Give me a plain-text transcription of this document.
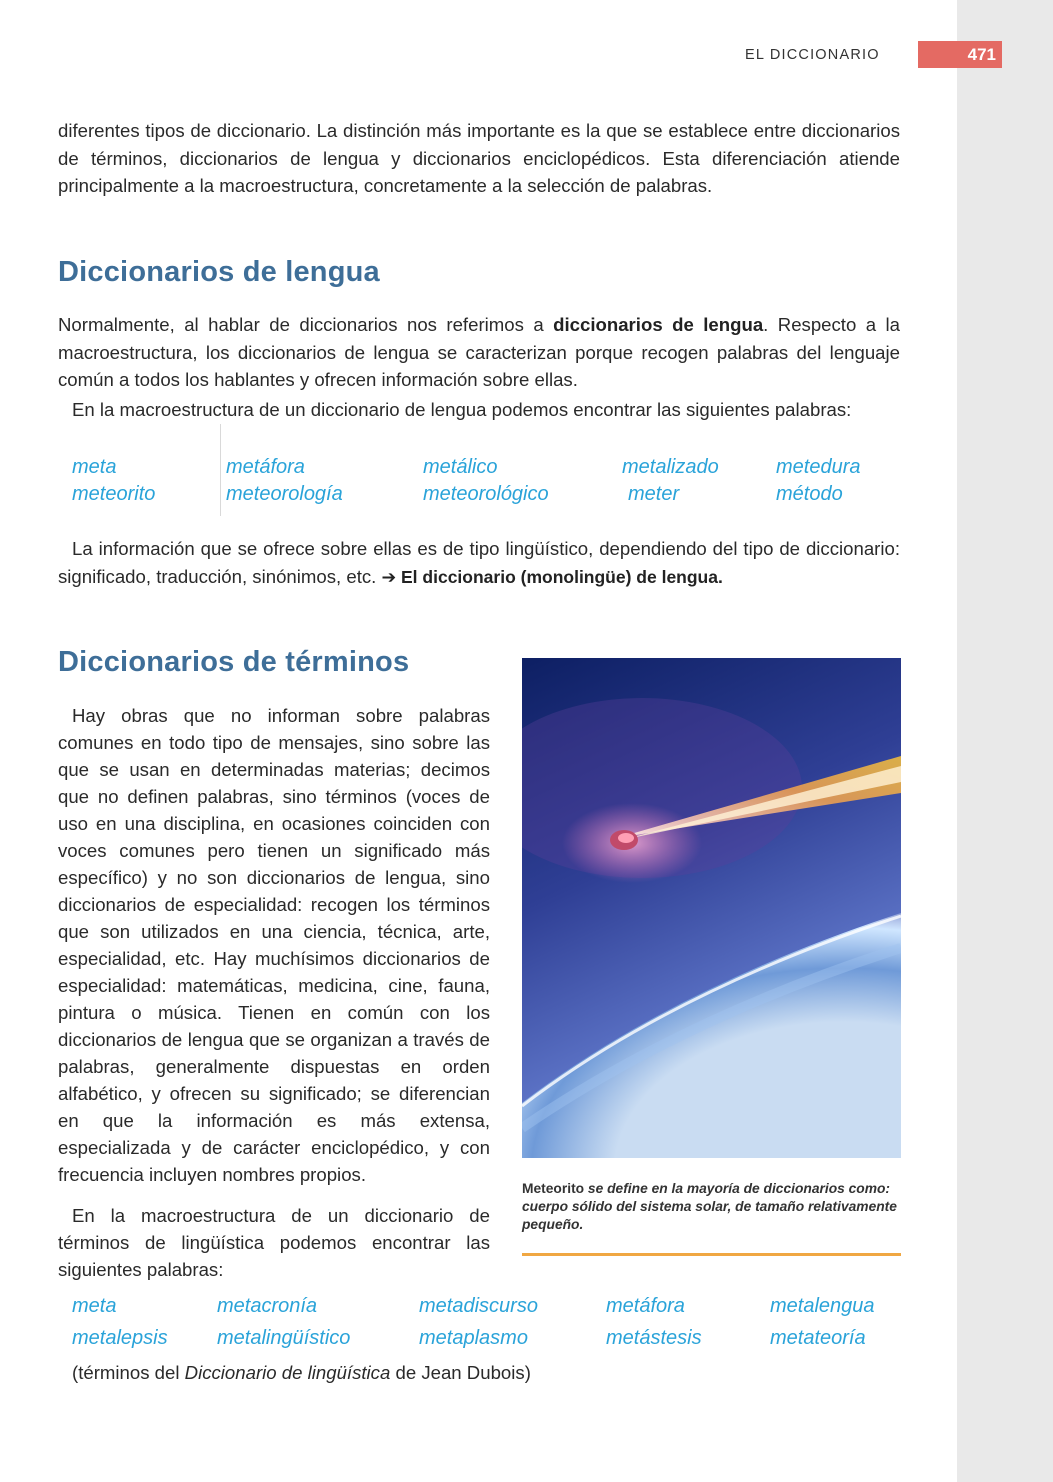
EL DICCIONARIO	471

diferentes tipos de diccionario. La distinción más importante es la que se establece entre diccionarios de términos, diccionarios de lengua y diccionarios enciclopédicos. Esta diferenciación atiende principalmente a la macroestructura, concretamente a la selección de palabras.

Diccionarios de lengua

Normalmente, al hablar de diccionarios nos referimos a diccionarios de lengua. Respecto a la macroestructura, los diccionarios de lengua se caracterizan porque recogen palabras del lenguaje común a todos los hablantes y ofrecen información sobre ellas.

En la macroestructura de un diccionario de lengua podemos encontrar las siguientes palabras:

meta	metáfora	metálico	metalizado	metedura
meteorito	meteorología	meteorológico	meter	método

La información que se ofrece sobre ellas es de tipo lingüístico, dependiendo del tipo de diccionario: significado, traducción, sinónimos, etc. ➔ El diccionario (monolingüe) de lengua.

Diccionarios de términos

Hay obras que no informan sobre palabras comunes en todo tipo de mensajes, sino sobre las que se usan en determinadas materias; decimos que no definen palabras, sino términos (voces de uso en una disciplina, en ocasiones coinciden con voces comunes pero tienen un significado más específico) y no son diccionarios de lengua, sino diccionarios de especialidad: recogen los términos que son utilizados en una ciencia, técnica, arte, especialidad, etc. Hay muchísimos diccionarios de especialidad: matemáticas, medicina, cine, fauna, pintura o música. Tienen en común con los diccionarios de lengua que se organizan a través de palabras, generalmente dispuestas en orden alfabético, y ofrecen su significado; se diferencian en que la información es más extensa, especializada y de carácter enciclopédico, y con frecuencia incluyen nombres propios.

En la macroestructura de un diccionario de términos de lingüística podemos encontrar las siguientes palabras:

Meteorito se define en la mayoría de diccionarios como: cuerpo sólido del sistema solar, de tamaño relativamente pequeño.
meta	metacronía	metadiscurso	metáfora	metalengua
metalepsis metalingüístico	metaplasmo	metástesis	metateoría
(términos del Diccionario de lingüística de Jean Dubois)
